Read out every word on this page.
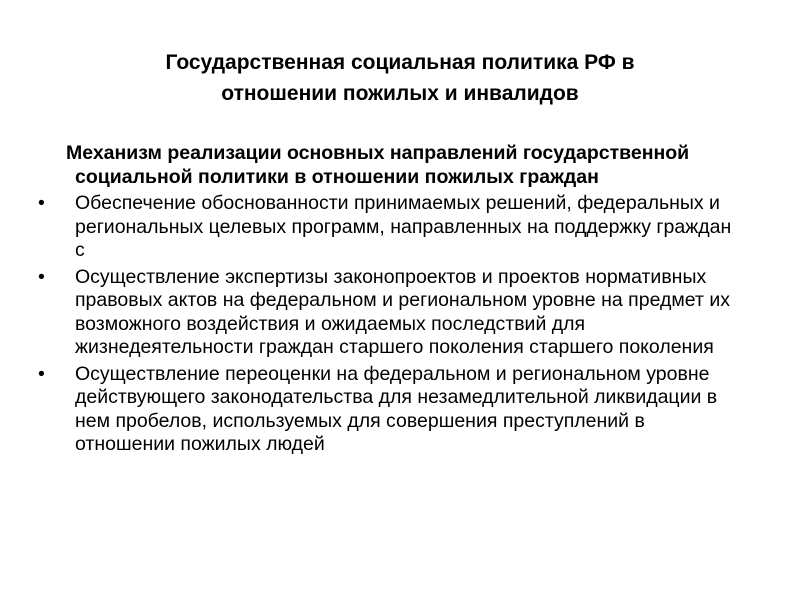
Государственная социальная политика РФ в
отношении пожилых и инвалидов

Механизм реализации основных направлений государственной социальной политики в отношении пожилых граждан

•	Обеспечение обоснованности принимаемых решений, федеральных и региональных целевых программ, направленных на поддержку граждан с
•	Осуществление экспертизы законопроектов и проектов нормативных правовых актов на федеральном и региональном уровне на предмет их возможного воздействия и ожидаемых последствий для жизнедеятельности граждан старшего поколения старшего поколения
•	Осуществление переоценки на федеральном и региональном уровне действующего законодательства для незамедлительной ликвидации в нем пробелов, используемых для совершения преступлений в отношении пожилых людей
